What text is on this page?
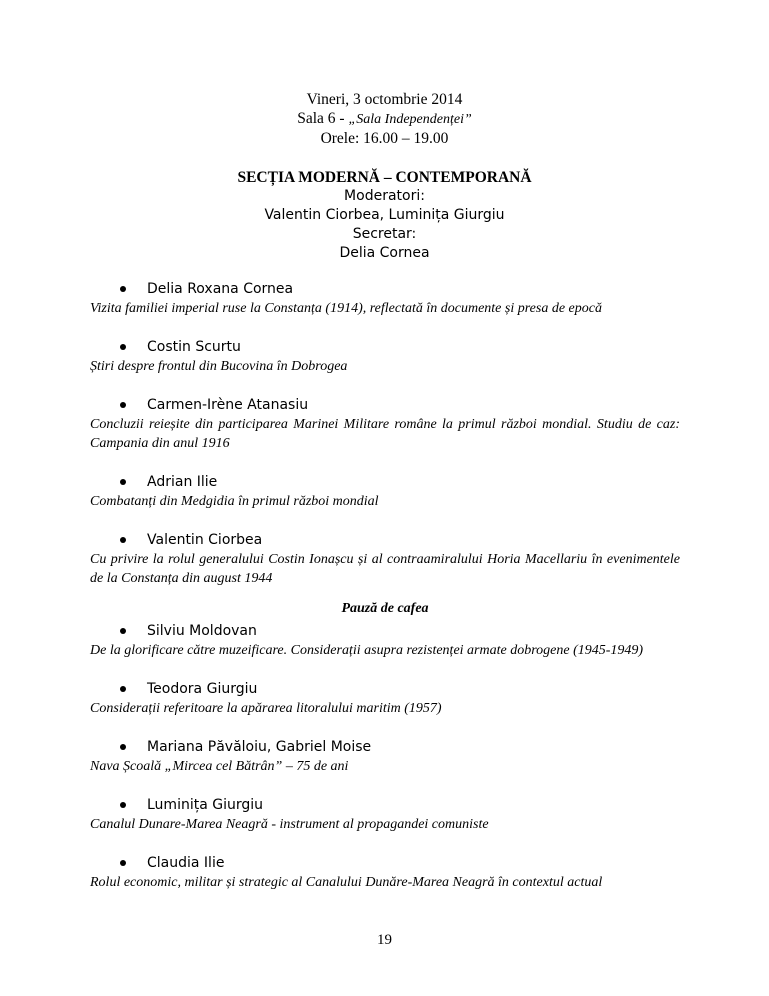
Vineri, 3 octombrie 2014
Sala 6 - „Sala Independenței”
Orele: 16.00 – 19.00
SECȚIA MODERNĂ – CONTEMPORANĂ
Moderatori:
Valentin Ciorbea, Luminița Giurgiu
Secretar:
Delia Cornea
Delia Roxana Cornea
Vizita familiei imperial ruse la Constanța (1914), reflectată în documente și presa de epocă
Costin Scurtu
Știri despre frontul din Bucovina în Dobrogea
Carmen-Irène Atanasiu
Concluzii reieșite din participarea Marinei Militare române la primul război mondial. Studiu de caz: Campania din anul 1916
Adrian Ilie
Combatanți din Medgidia în primul război mondial
Valentin Ciorbea
Cu privire la rolul generalului Costin Ionașcu și al contraamiralului Horia Macellariu în evenimentele de la Constanța din august 1944
Pauză de cafea
Silviu Moldovan
De la glorificare către muzeificare. Considerații asupra rezistenței armate dobrogene (1945-1949)
Teodora Giurgiu
Considerații referitoare la apărarea litoralului maritim (1957)
Mariana Păvăloiu, Gabriel Moise
Nava Școală „Mircea cel Bătrân” – 75 de ani
Luminița Giurgiu
Canalul Dunare-Marea Neagră - instrument al propagandei comuniste
Claudia Ilie
Rolul economic, militar și strategic al Canalului Dunăre-Marea Neagră în contextul actual
19
